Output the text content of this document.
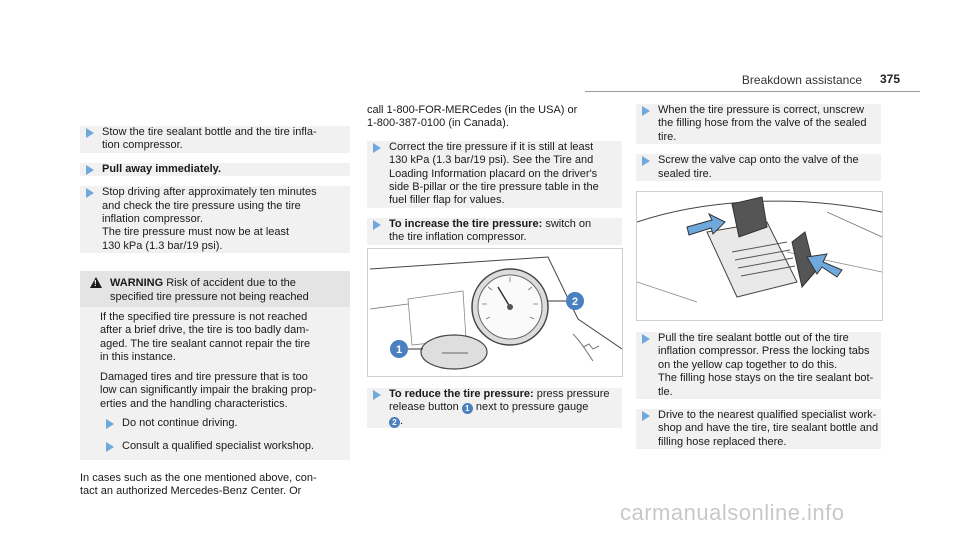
Breakdown assistance 375
Stow the tire sealant bottle and the tire infla-
tion compressor.
Pull away immediately.
Stop driving after approximately ten minutes
and check the tire pressure using the tire
inflation compressor.
The tire pressure must now be at least
130 kPa (1.3 bar/19 psi).
! WARNING Risk of accident due to the
specified tire pressure not being reached

If the specified tire pressure is not reached
after a brief drive, the tire is too badly dam-
aged. The tire sealant cannot repair the tire
in this instance.

Damaged tires and tire pressure that is too
low can significantly impair the braking prop-
erties and the handling characteristics.

Do not continue driving.
Consult a qualified specialist workshop.
In cases such as the one mentioned above, con-
tact an authorized Mercedes-Benz Center. Or
call 1-800-FOR-MERCedes (in the USA) or
1-800-387-0100 (in Canada).
Correct the tire pressure if it is still at least
130 kPa (1.3 bar/19 psi). See the Tire and
Loading Information placard on the driver's
side B-pillar or the tire pressure table in the
fuel filler flap for values.
To increase the tire pressure: switch on
the tire inflation compressor.
2
1
To reduce the tire pressure: press pressure
release button 1 next to pressure gauge
2 .
When the tire pressure is correct, unscrew
the filling hose from the valve of the sealed
tire.
Screw the valve cap onto the valve of the
sealed tire.
Pull the tire sealant bottle out of the tire
inflation compressor. Press the locking tabs
on the yellow cap together to do this.
The filling hose stays on the tire sealant bot-
tle.
Drive to the nearest qualified specialist work-
shop and have the tire, tire sealant bottle and
filling hose replaced there.
carmanualsonline.info
